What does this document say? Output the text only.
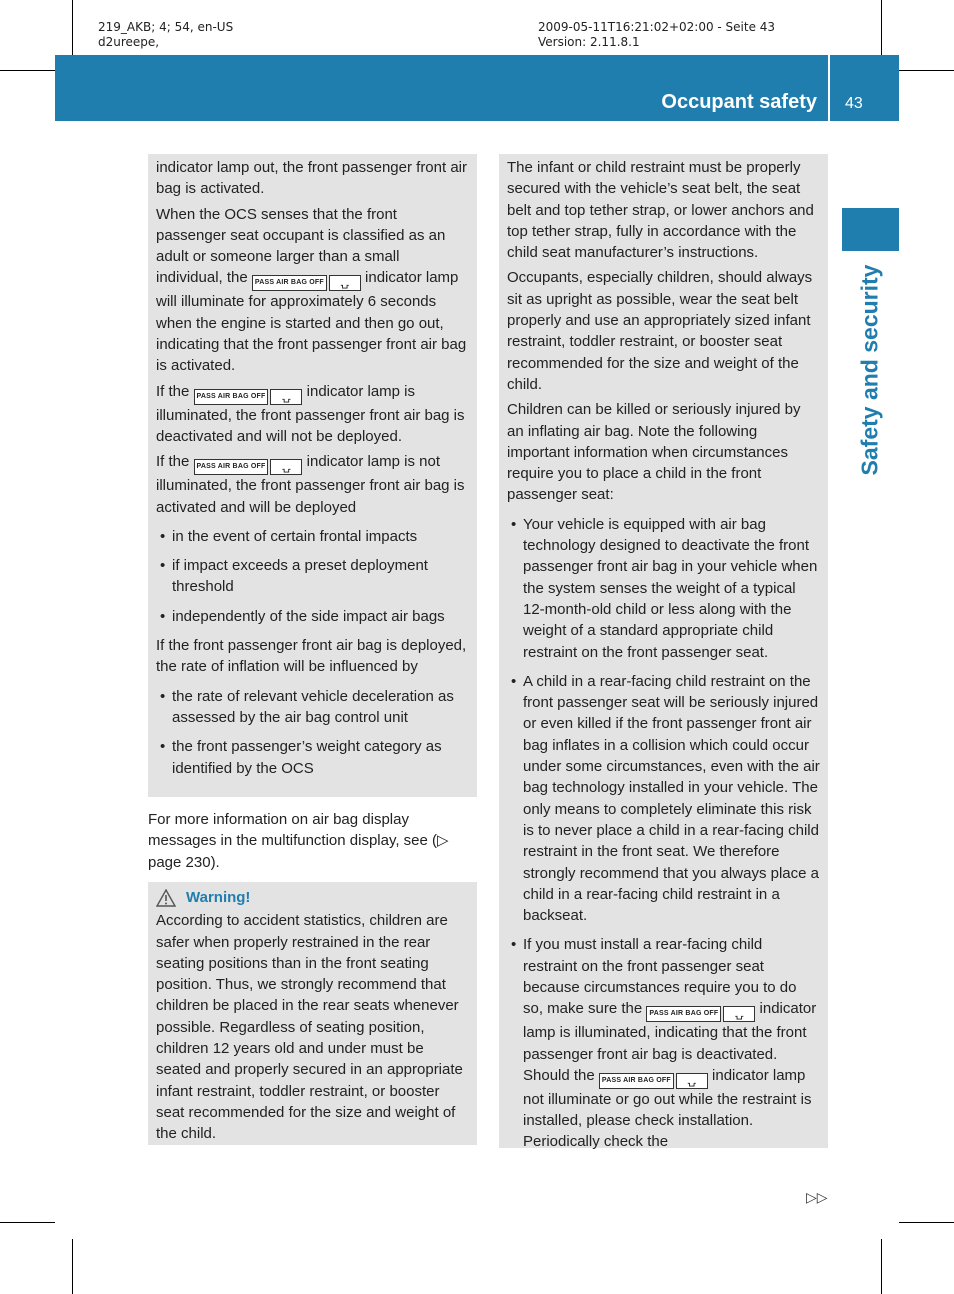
219_AKB; 4; 54, en-US
d2ureepe,
2009-05-11T16:21:02+02:00 - Seite 43
Version: 2.11.8.1
Occupant safety 43
Safety and security

indicator lamp out, the front passenger front air bag is activated.

When the OCS senses that the front passenger seat occupant is classified as an adult or someone larger than a small individual, the	PASS AIR BAG OFF	⍽	indicator lamp will illuminate for approximately 6 seconds when the engine is started and then go out, indicating that the front passenger front air bag is activated.

If the	PASS AIR BAG OFF	⍽	indicator lamp is illuminated, the front passenger front air bag is deactivated and will not be deployed.

If the	PASS AIR BAG OFF	⍽	indicator lamp is not illuminated, the front passenger front air bag is activated and will be deployed

• in the event of certain frontal impacts
• if impact exceeds a preset deployment threshold
• independently of the side impact air bags

If the front passenger front air bag is deployed, the rate of inflation will be influenced by

• the rate of relevant vehicle deceleration as assessed by the air bag control unit
• the front passenger’s weight category as identified by the OCS

For more information on air bag display messages in the multifunction display, see (▷ page 230).

Warning!

According to accident statistics, children are safer when properly restrained in the rear seating positions than in the front seating position. Thus, we strongly recommend that children be placed in the rear seats whenever possible. Regardless of seating position, children 12 years old and under must be seated and properly secured in an appropriate infant restraint, toddler restraint, or booster seat recommended for the size and weight of the child.

The infant or child restraint must be properly secured with the vehicle’s seat belt, the seat belt and top tether strap, or lower anchors and top tether strap, fully in accordance with the child seat manufacturer’s instructions.

Occupants, especially children, should always sit as upright as possible, wear the seat belt properly and use an appropriately sized infant restraint, toddler restraint, or booster seat recommended for the size and weight of the child.

Children can be killed or seriously injured by an inflating air bag. Note the following important information when circumstances require you to place a child in the front passenger seat:

• Your vehicle is equipped with air bag technology designed to deactivate the front passenger front air bag in your vehicle when the system senses the weight of a typical 12-month-old child or less along with the weight of a standard appropriate child restraint on the front passenger seat.
• A child in a rear-facing child restraint on the front passenger seat will be seriously injured or even killed if the front passenger front air bag inflates in a collision which could occur under some circumstances, even with the air bag technology installed in your vehicle. The only means to completely eliminate this risk is to never place a child in a rear-facing child restraint in the front seat. We therefore strongly recommend that you always place a child in a rear-facing child restraint in a backseat.
• If you must install a rear-facing child restraint on the front passenger seat because circumstances require you to do so, make sure the	PASS AIR BAG OFF	⍽	indicator lamp is illuminated, indicating that the front passenger front air bag is deactivated. Should the	PASS AIR BAG OFF	⍽	indicator lamp not illuminate or go out while the restraint is installed, please check installation. Periodically check the
▷▷
